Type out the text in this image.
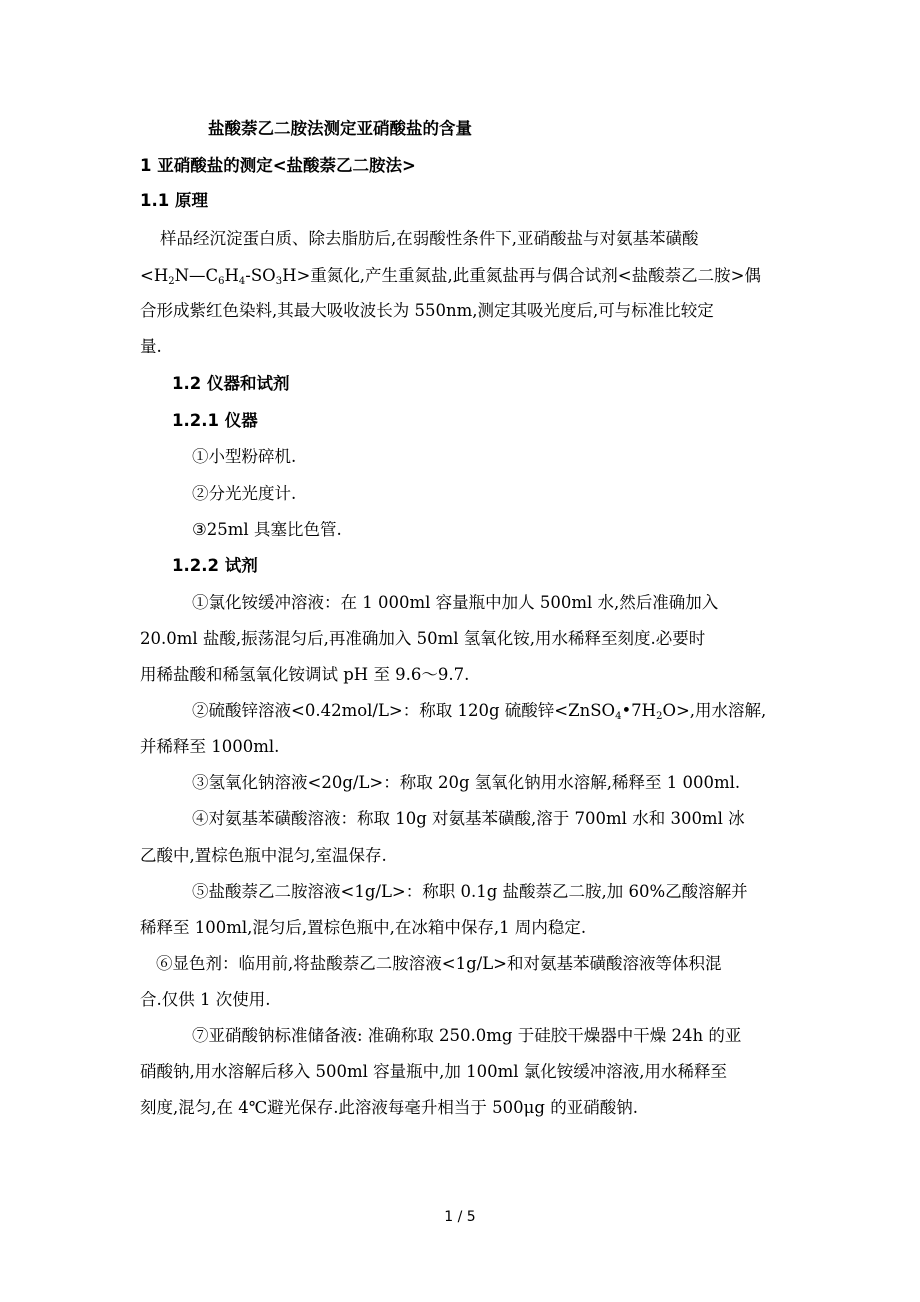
盐酸萘乙二胺法测定亚硝酸盐的含量
1 亚硝酸盐的测定<盐酸萘乙二胺法>
1.1 原理
样品经沉淀蛋白质、除去脂肪后,在弱酸性条件下,亚硝酸盐与对氨基苯磺酸
$<H_2N—C_6H_4-SO_3H>$重氮化,产生重氮盐,此重氮盐再与偶合试剂<盐酸萘乙二胺>偶
合形成紫红色染料,其最大吸收波长为 550nm,测定其吸光度后,可与标准比较定
量.
1.2 仪器和试剂
1.2.1 仪器
①小型粉碎机.
②分光光度计.
③25ml 具塞比色管.
1.2.2 试剂
①氯化铵缓冲溶液：在 1 000ml 容量瓶中加人 500ml 水,然后准确加入
20.0ml 盐酸,振荡混匀后,再准确加入 50ml 氢氧化铵,用水稀释至刻度.必要时
用稀盐酸和稀氢氧化铵调试 pH 至 9.6～9.7.
②硫酸锌溶液<0.42mol/L>：称取 120g 硫酸锌$<ZnSO_4•7H_2O>$,用水溶解,
并稀释至 1000ml.
③氢氧化钠溶液<20g/L>：称取 20g 氢氧化钠用水溶解,稀释至 1 000ml.
④对氨基苯磺酸溶液：称取 10g 对氨基苯磺酸,溶于 700ml 水和 300ml 冰
乙酸中,置棕色瓶中混匀,室温保存.
⑤盐酸萘乙二胺溶液<1g/L>：称职 0.1g 盐酸萘乙二胺,加 60%乙酸溶解并
稀释至 100ml,混匀后,置棕色瓶中,在冰箱中保存,1 周内稳定.
⑥显色剂：临用前,将盐酸萘乙二胺溶液<1g/L>和对氨基苯磺酸溶液等体积混
合.仅供 1 次使用.
⑦亚硝酸钠标准储备液: 准确称取 250.0mg 于硅胶干燥器中干燥 24h 的亚
硝酸钠,用水溶解后移入 500ml 容量瓶中,加 100ml 氯化铵缓冲溶液,用水稀释至
刻度,混匀,在 4℃避光保存.此溶液每毫升相当于 500μg 的亚硝酸钠.
1 / 5
